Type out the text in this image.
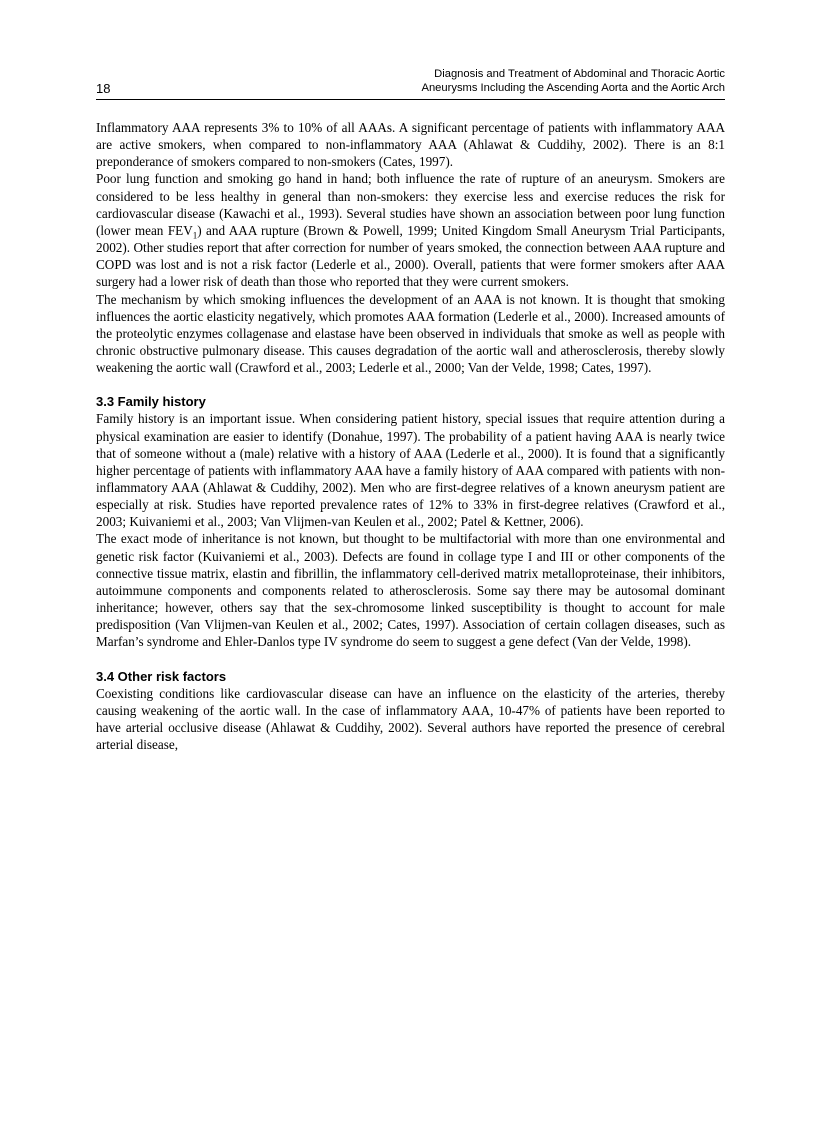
18
Diagnosis and Treatment of Abdominal and Thoracic Aortic
Aneurysms Including the Ascending Aorta and the Aortic Arch

Inflammatory AAA represents 3% to 10% of all AAAs. A significant percentage of patients with inflammatory AAA are active smokers, when compared to non-inflammatory AAA (Ahlawat & Cuddihy, 2002). There is an 8:1 preponderance of smokers compared to non-smokers (Cates, 1997).

Poor lung function and smoking go hand in hand; both influence the rate of rupture of an aneurysm. Smokers are considered to be less healthy in general than non-smokers: they exercise less and exercise reduces the risk for cardiovascular disease (Kawachi et al., 1993). Several studies have shown an association between poor lung function (lower mean $FEV_1$) and AAA rupture (Brown & Powell, 1999; United Kingdom Small Aneurysm Trial Participants, 2002). Other studies report that after correction for number of years smoked, the connection between AAA rupture and COPD was lost and is not a risk factor (Lederle et al., 2000). Overall, patients that were former smokers after AAA surgery had a lower risk of death than those who reported that they were current smokers.

The mechanism by which smoking influences the development of an AAA is not known. It is thought that smoking influences the aortic elasticity negatively, which promotes AAA formation (Lederle et al., 2000). Increased amounts of the proteolytic enzymes collagenase and elastase have been observed in individuals that smoke as well as people with chronic obstructive pulmonary disease. This causes degradation of the aortic wall and atherosclerosis, thereby slowly weakening the aortic wall (Crawford et al., 2003; Lederle et al., 2000; Van der Velde, 1998; Cates, 1997).

3.3 Family history

Family history is an important issue. When considering patient history, special issues that require attention during a physical examination are easier to identify (Donahue, 1997). The probability of a patient having AAA is nearly twice that of someone without a (male) relative with a history of AAA (Lederle et al., 2000). It is found that a significantly higher percentage of patients with inflammatory AAA have a family history of AAA compared with patients with non-inflammatory AAA (Ahlawat & Cuddihy, 2002). Men who are first-degree relatives of a known aneurysm patient are especially at risk. Studies have reported prevalence rates of 12% to 33% in first-degree relatives (Crawford et al., 2003; Kuivaniemi et al., 2003; Van Vlijmen-van Keulen et al., 2002; Patel & Kettner, 2006).

The exact mode of inheritance is not known, but thought to be multifactorial with more than one environmental and genetic risk factor (Kuivaniemi et al., 2003). Defects are found in collage type I and III or other components of the connective tissue matrix, elastin and fibrillin, the inflammatory cell-derived matrix metalloproteinase, their inhibitors, autoimmune components and components related to atherosclerosis. Some say there may be autosomal dominant inheritance; however, others say that the sex-chromosome linked susceptibility is thought to account for male predisposition (Van Vlijmen-van Keulen et al., 2002; Cates, 1997). Association of certain collagen diseases, such as Marfan’s syndrome and Ehler-Danlos type IV syndrome do seem to suggest a gene defect (Van der Velde, 1998).

3.4 Other risk factors

Coexisting conditions like cardiovascular disease can have an influence on the elasticity of the arteries, thereby causing weakening of the aortic wall. In the case of inflammatory AAA, 10-47% of patients have been reported to have arterial occlusive disease (Ahlawat & Cuddihy, 2002). Several authors have reported the presence of cerebral arterial disease,
